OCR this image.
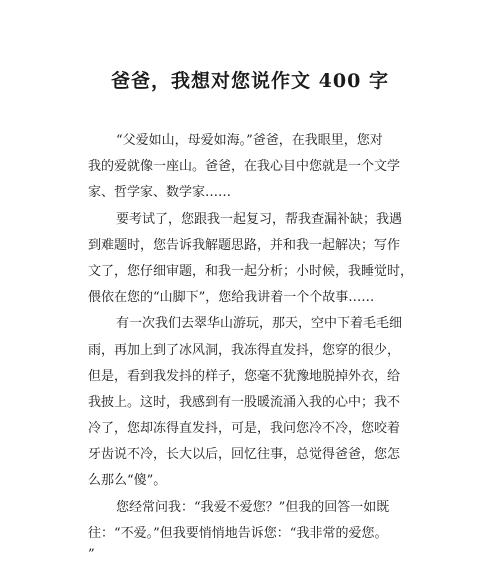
爸爸，我想对您说作文 400 字
“父爱如山，母爱如海。”爸爸，在我眼里，您对
我的爱就像一座山。爸爸，在我心目中您就是一个文学
家、哲学家、数学家……
要考试了，您跟我一起复习，帮我查漏补缺；我遇
到难题时，您告诉我解题思路，并和我一起解决；写作
文了，您仔细审题，和我一起分析；小时候，我睡觉时，
偎依在您的“山脚下”，您给我讲着一个个故事……
有一次我们去翠华山游玩，那天，空中下着毛毛细
雨，再加上到了冰风洞，我冻得直发抖，您穿的很少，
但是，看到我发抖的样子，您毫不犹豫地脱掉外衣，给
我披上。这时，我感到有一股暖流涌入我的心中；我不
冷了，您却冻得直发抖，可是，我问您冷不冷，您咬着
牙齿说不冷，长大以后，回忆往事，总觉得爸爸，您怎
么那么“傻”。
您经常问我：“我爱不爱您？”但我的回答一如既
往：“不爱。”但我要悄悄地告诉您：“我非常的爱您。
”
